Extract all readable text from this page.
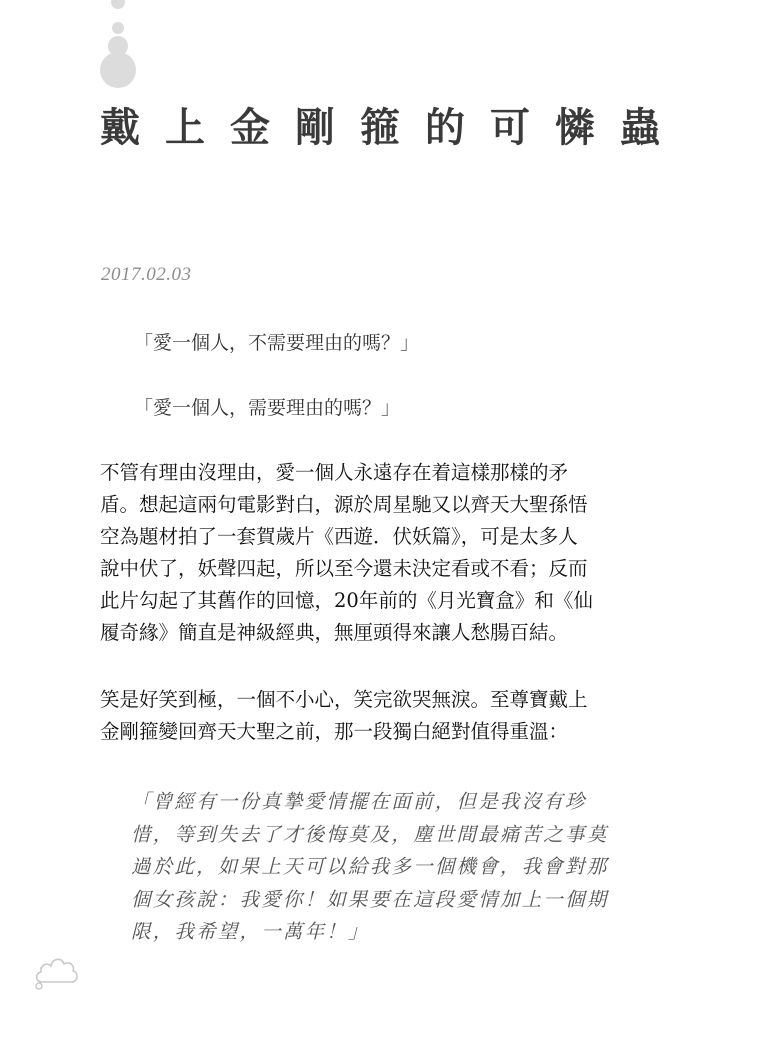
戴上金剛箍的可憐蟲
2017.02.03
「愛一個人，不需要理由的嗎？」
「愛一個人，需要理由的嗎？」

不管有理由沒理由，愛一個人永遠存在着這樣那樣的矛
盾。想起這兩句電影對白，源於周星馳又以齊天大聖孫悟
空為題材拍了一套賀歲片《西遊．伏妖篇》，可是太多人
說中伏了，妖聲四起，所以至今還未決定看或不看；反而
此片勾起了其舊作的回憶，20年前的《月光寶盒》和《仙
履奇緣》簡直是神級經典，無厘頭得來讓人愁腸百結。

笑是好笑到極，一個不小心，笑完欲哭無淚。至尊寶戴上
金剛箍變回齊天大聖之前，那一段獨白絕對值得重溫：

「曾經有一份真摯愛情擺在面前，但是我沒有珍
惜，等到失去了才後悔莫及，塵世間最痛苦之事莫
過於此，如果上天可以給我多一個機會，我會對那
個女孩說：我愛你！如果要在這段愛情加上一個期
限，我希望，一萬年！」
